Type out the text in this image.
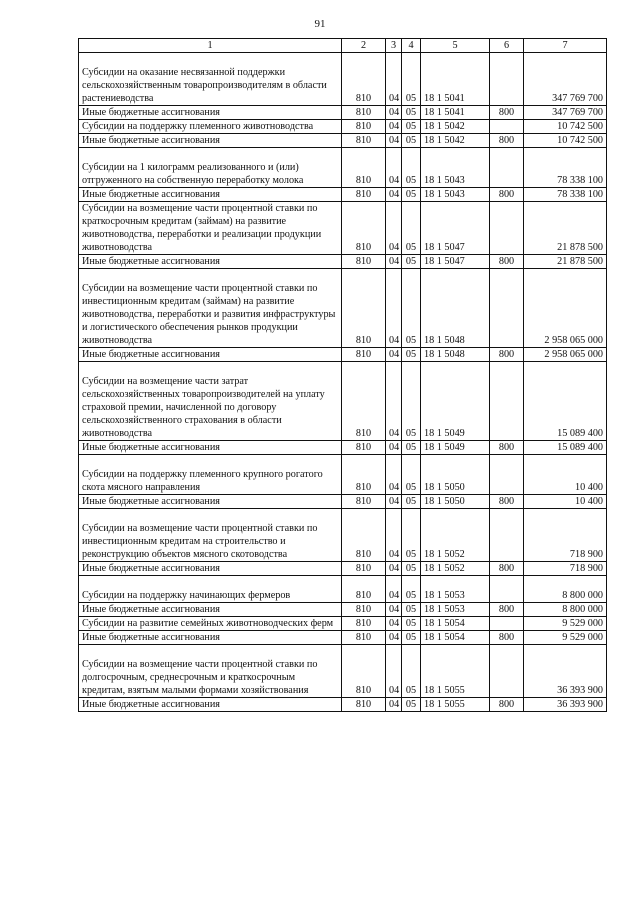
91
1	2	3	4	5	6	7

Субсидии на оказание несвязанной поддержки сельскохозяйственным товаропроизводителям в области растениеводства	810	04	05	18 1 5041		347 769 700

Иные бюджетные ассигнования	810	04	05	18 1 5041	800	347 769 700

Субсидии на поддержку племенного животноводства	810	04	05	18 1 5042		10 742 500

Иные бюджетные ассигнования	810	04	05	18 1 5042	800	10 742 500

Субсидии на 1 килограмм реализованного и (или) отгруженного на собственную переработку молока	810	04	05	18 1 5043		78 338 100

Иные бюджетные ассигнования	810	04	05	18 1 5043	800	78 338 100

Субсидии на возмещение части процентной ставки по краткосрочным кредитам (займам) на развитие животноводства, переработки и реализации продукции животноводства	810	04	05	18 1 5047		21 878 500

Иные бюджетные ассигнования	810	04	05	18 1 5047	800	21 878 500

Субсидии на возмещение части процентной ставки по инвестиционным кредитам (займам) на развитие животноводства, переработки и развития инфраструктуры и логистического обеспечения рынков продукции животноводства	810	04	05	18 1 5048		2 958 065 000

Иные бюджетные ассигнования	810	04	05	18 1 5048	800	2 958 065 000

Субсидии на возмещение части затрат сельскохозяйственных товаропроизводителей на уплату страховой премии, начисленной по договору сельскохозяйственного страхования в области животноводства	810	04	05	18 1 5049		15 089 400

Иные бюджетные ассигнования	810	04	05	18 1 5049	800	15 089 400

Субсидии на поддержку племенного крупного рогатого скота мясного направления	810	04	05	18 1 5050		10 400

Иные бюджетные ассигнования	810	04	05	18 1 5050	800	10 400

Субсидии на возмещение части процентной ставки по инвестиционным кредитам на строительство и реконструкцию объектов мясного скотоводства	810	04	05	18 1 5052		718 900

Иные бюджетные ассигнования	810	04	05	18 1 5052	800	718 900

Субсидии на поддержку начинающих фермеров	810	04	05	18 1 5053		8 800 000

Иные бюджетные ассигнования	810	04	05	18 1 5053	800	8 800 000

Субсидии на развитие семейных животноводческих ферм	810	04	05	18 1 5054		9 529 000

Иные бюджетные ассигнования	810	04	05	18 1 5054	800	9 529 000

Субсидии на возмещение части процентной ставки по долгосрочным, среднесрочным и краткосрочным кредитам, взятым малыми формами хозяйствования	810	04	05	18 1 5055		36 393 900

Иные бюджетные ассигнования	810	04	05	18 1 5055	800	36 393 900
